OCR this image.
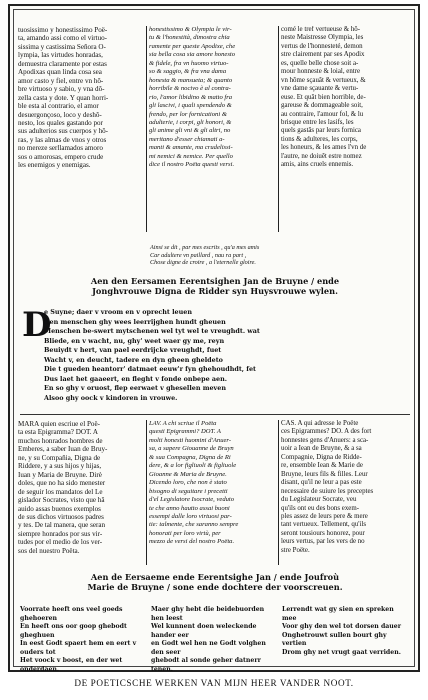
tuosissimo y honestissimo Poë-
ta, amando assi como el virtuo-
sissima y castissima Señora O-
lympia, las virtudes honradas,
demuestra claramente por estas
Apodixas quan linda cosa sea
amor casto y fiel, entre vn hõ-
bre virtuoso y sabio, y vna dõ-
zella casta y dote. Y quan horri-
ble esta al contrario, el amor
desuergonçoso, loco y deshõ-
nesto, los quales gastando por
sus adulterios sus cuerpos y hõ-
ras, y las almas de vnos y otros
no mereze serllamados amoro
sos o amorosas, empero crude
les enemigos y enemigas.
honestissimo & Olympia le vir-
tu & l'honestità, dimostra chia
ramente per queste Apodixe, che
sia bella cosa sia amore honesto
& fidele, fra vn huomo virtuo-
so & saggio, & fra vna dama
honesta & mansueta; & quanto
horribile & nocivo è al contra-
rio, l'amor libidino & matto fra
gli lascivi, i quali spendendo &
frendo, per lor fornicationi &
adulterie, i corpi, gli honori, &
gli anime gli vni & gli altri, no
meritano d'esser chiamati a-
manti & amante, ma crudelissi-
mi nemici & nemice. Per quello
dice il nostro Poëta questi versi.
comé le tref vertueuse & hõ-
neste Maistresse Olympia, les
vertus de l'honnesteté, demon
stre clairement par ses Apodix
es, quelle belle chose soit a-
mour honneste & loial, entre
vn hõme sçauãt & vertueux, &
vne dame sçauante & vertu-
euse. Et quãt bien horrible, de-
gareuse & dommageable soit,
au contraire, l'amour fol, & lu
brisque entre les lasifs, les
quels gastãs par leurs fornica
tions & adulteres, les corps,
les honeurs, & les ames l'vn de
l'autre, ne doiuẽt estre nomez
amis, ains cruels ennemis.
Ainsi se dit , par mes escrits , qu'a mes amis
Car adultere vn paillard , nau ra part ,
Chose digne de croire , a l'eternelle gloire.
Aen den Eersamen Eerentsighen Jan de Bruyne / ende
Jonghvrouwe Digna de Ridder syn Huysvrouwe wylen.
D
e Suyne; daer v vroom en v oprecht leuen
Den menschen ghy wees leerrijghen hundt gheuen
Menschen be-swert mytschenen wel tyt wel te vreughdt. wat
Bliede, en v wacht, nu, ghy' weet waer gy me, reyn
Beuiydt v hert, van pael eerdrijcke vreughdt, fuet
Wacht v, en deucht, tadere en dyn gheen gheldeto
Die t gueden heantorr' datmaet eeuw'r fyn ghehoudhdt, fet
Dus laet het gaaeert, en fleght v fonde onbepe aen.
En so ghy v oruost, flep eerwaet v ghesellen meven
Alsoo ghy oock v kindoren in vrouwe.
MARA quien escriue el Poë-
ta esta Epigramma? DOT. A
muchos honrados hombres de
Emberes, a saber Iuan de Bruy-
ne, y su Compañia, Digna de
Riddere, y a sus hijos y hijas,
Iuan y Maria de Bruyne. Dirè
doles, que no ha sido menester
de seguir los mandatos del Le
gislador Socrates, visto que hã
auido assas buenos exemplos
de sus dichos virtuosos padres
y tes. De tal manera, que seran
siempre honrados por sus vir-
tudes por el medio de los ver-
sos del nuestro Poëta.
LAV. A chi scriue il Poëta
questi Epigrammi? DOT. A
molti honesti huomini d'Anuer-
sa, a sapere Giouanne de Bruyn
& sua Compagna, Digna de Ri
dere, & a lor figliuoli & figliuole
Gioanne & Maria de Bruyne.
Dicendo loro, che non è stato
bisogno di seguitare i precetti
d'el Legislatore Isocrate, veduto
te che anno hautto assai buoni
essempi dalle loro virtuosi par-
tie: talmente, che saranno sempre
honorati per loro virtù, per
mezzo de versi del nostro Poëta.
CAS. A qui adresse le Poëte
ces Epigrammes? DO. A des fort
honnestes gens d'Anuers: a sca-
uoir a Iean de Bruyne, & a sa
Compagnie, Digna de Ridde-
re, ensemble Iean & Marie de
Bruyne, leurs fils & filles. Leur
disant, qu'il ne leur a pas este
necessaire de suiure les preceptes
du Legislateur Socrate, veu
qu'ils ont eu des bons exem-
ples assez de leurs pere & mere
tant vertueux. Tellement, qu'ils
seront tousiours honorez, pour
leurs vertus, par les vers de no
stre Poëte.
Aen de Eersaeme ende Eerentsighe Jan / ende Joufroù
Marie de Bruyne / sone ende dochtere der voorscreuen.
Voorrate heeft ons veel goeds ghehoeren
En heeft ons oor goop ghebodt gheghuen
In eest Godt spaert hem en eert v ouders tot
Het voock v boost, en der wet onderdaen.
Maer ghy hebt die beidebuorden hen leest
Wel kunnent doen weleckende hander eer
en Godt wel hen ne Godt volghen den seer
ghebodt al sonde geher datnerr tenen.
Lerrendt wat gy sien en spreken mee
Voor ghy den wel tot dorsen dauer
Onghetrouwt sullen bourt ghy vertien
Drom ghy net vrugt gaat verriden.
DE POETICSCHE WERKEN VAN MIJN HEER VANDER NOOT.
